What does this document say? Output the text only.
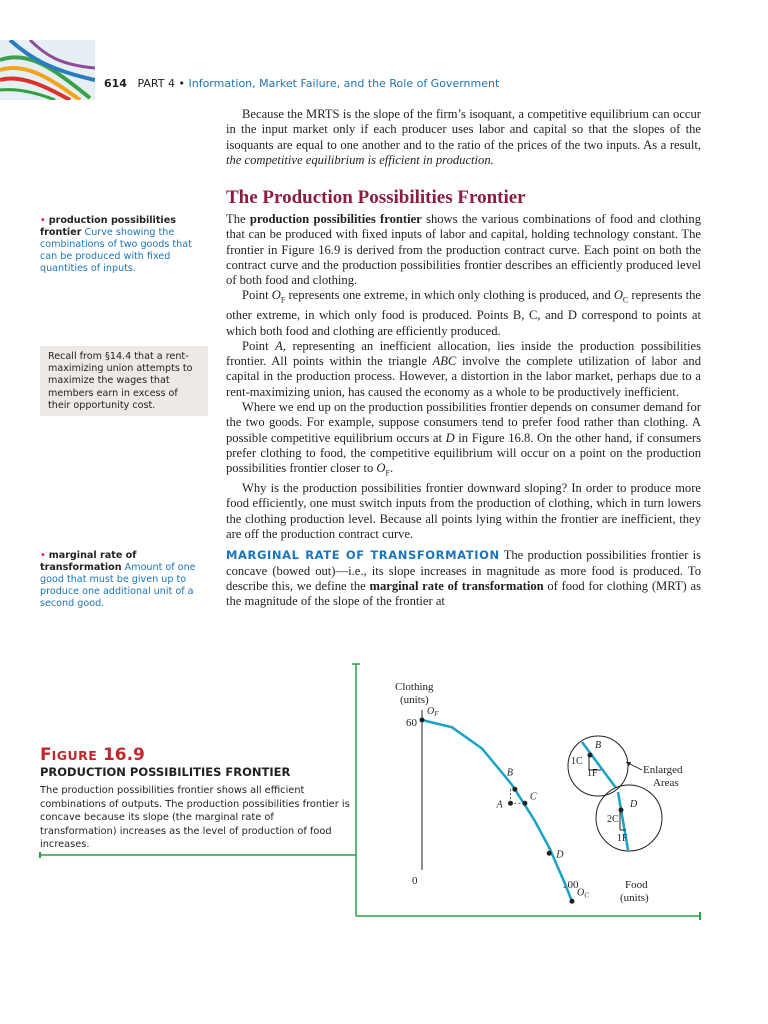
614 PART 4 • Information, Market Failure, and the Role of Government

Because the MRTS is the slope of the firm’s isoquant, a competitive equilibrium can occur in the input market only if each producer uses labor and capital so that the slopes of the isoquants are equal to one another and to the ratio of the prices of the two inputs. As a result, the competitive equilibrium is efficient in production.

The Production Possibilities Frontier

The production possibilities frontier shows the various combinations of food and clothing that can be produced with fixed inputs of labor and capital, holding technology constant. The frontier in Figure 16.9 is derived from the production contract curve. Each point on both the contract curve and the production possibilities frontier describes an efficiently produced level of both food and clothing.

Point $O_F$ represents one extreme, in which only clothing is produced, and $O_C$ represents the other extreme, in which only food is produced. Points B, C, and D correspond to points at which both food and clothing are efficiently produced.

Point A, representing an inefficient allocation, lies inside the production possibilities frontier. All points within the triangle ABC involve the complete utilization of labor and capital in the production process. However, a distortion in the labor market, perhaps due to a rent-maximizing union, has caused the economy as a whole to be productively inefficient.

Where we end up on the production possibilities frontier depends on consumer demand for the two goods. For example, suppose consumers tend to prefer food rather than clothing. A possible competitive equilibrium occurs at D in Figure 16.8. On the other hand, if consumers prefer clothing to food, the competitive equilibrium will occur on a point on the production possibilities frontier closer to $O_F$.

Why is the production possibilities frontier downward sloping? In order to produce more food efficiently, one must switch inputs from the production of clothing, which in turn lowers the clothing production level. Because all points lying within the frontier are inefficient, they are off the production contract curve.

MARGINAL RATE OF TRANSFORMATION The production possibilities frontier is concave (bowed out)—i.e., its slope increases in magnitude as more food is produced. To describe this, we define the marginal rate of transformation of food for clothing (MRT) as the magnitude of the slope of the frontier at

• production possibilities frontier Curve showing the combinations of two goods that can be produced with fixed quantities of inputs.
Recall from §14.4 that a rent-maximizing union attempts to maximize the wages that members earn in excess of their opportunity cost.
• marginal rate of transformation Amount of one good that must be given up to produce one additional unit of a second good.
FIGURE 16.9
PRODUCTION POSSIBILITIES FRONTIER
The production possibilities frontier shows all efficient combinations of outputs. The production possibilities frontier is concave because its slope (the marginal rate of transformation) increases as the level of production of food increases.
Clothing
(units)
60
0	100	Food
(units)
$O_F$
B
C
D
$O_C$
A
B
1C
1F
D
2C
1F
Enlarged
Areas
